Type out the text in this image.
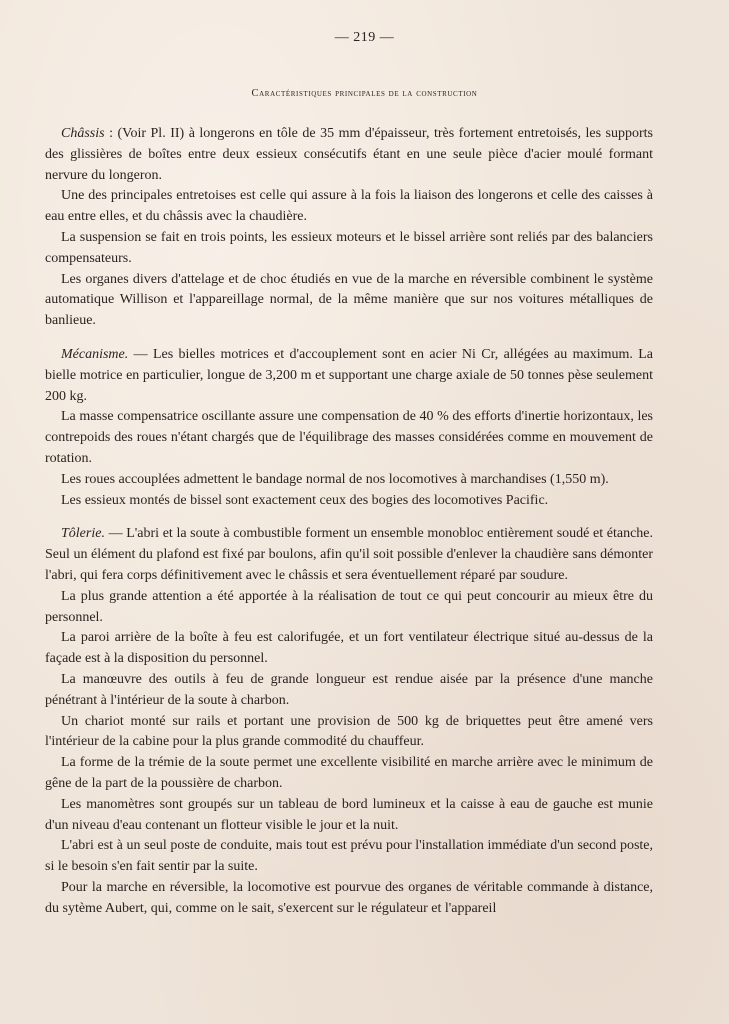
— 219 —
Caractéristiques principales de la construction

Châssis : (Voir Pl. II) à longerons en tôle de 35 mm d'épaisseur, très fortement entretoisés, les supports des glissières de boîtes entre deux essieux consécutifs étant en une seule pièce d'acier moulé formant nervure du longeron.

Une des principales entretoises est celle qui assure à la fois la liaison des longerons et celle des caisses à eau entre elles, et du châssis avec la chaudière.

La suspension se fait en trois points, les essieux moteurs et le bissel arrière sont reliés par des balanciers compensateurs.

Les organes divers d'attelage et de choc étudiés en vue de la marche en réversible combinent le système automatique Willison et l'appareillage normal, de la même manière que sur nos voitures métalliques de banlieue.

Mécanisme. — Les bielles motrices et d'accouplement sont en acier Ni Cr, allégées au maximum. La bielle motrice en particulier, longue de 3,200 m et supportant une charge axiale de 50 tonnes pèse seulement 200 kg.

La masse compensatrice oscillante assure une compensation de 40 % des efforts d'inertie horizontaux, les contrepoids des roues n'étant chargés que de l'équilibrage des masses considérées comme en mouvement de rotation.

Les roues accouplées admettent le bandage normal de nos locomotives à marchandises (1,550 m).

Les essieux montés de bissel sont exactement ceux des bogies des locomotives Pacific.

Tôlerie. — L'abri et la soute à combustible forment un ensemble monobloc entièrement soudé et étanche. Seul un élément du plafond est fixé par boulons, afin qu'il soit possible d'enlever la chaudière sans démonter l'abri, qui fera corps définitivement avec le châssis et sera éventuellement réparé par soudure.

La plus grande attention a été apportée à la réalisation de tout ce qui peut concourir au mieux être du personnel.

La paroi arrière de la boîte à feu est calorifugée, et un fort ventilateur électrique situé au-dessus de la façade est à la disposition du personnel.

La manœuvre des outils à feu de grande longueur est rendue aisée par la présence d'une manche pénétrant à l'intérieur de la soute à charbon.

Un chariot monté sur rails et portant une provision de 500 kg de briquettes peut être amené vers l'intérieur de la cabine pour la plus grande commodité du chauffeur.

La forme de la trémie de la soute permet une excellente visibilité en marche arrière avec le minimum de gêne de la part de la poussière de charbon.

Les manomètres sont groupés sur un tableau de bord lumineux et la caisse à eau de gauche est munie d'un niveau d'eau contenant un flotteur visible le jour et la nuit.

L'abri est à un seul poste de conduite, mais tout est prévu pour l'installation immédiate d'un second poste, si le besoin s'en fait sentir par la suite.

Pour la marche en réversible, la locomotive est pourvue des organes de véritable commande à distance, du sytème Aubert, qui, comme on le sait, s'exercent sur le régulateur et l'appareil
